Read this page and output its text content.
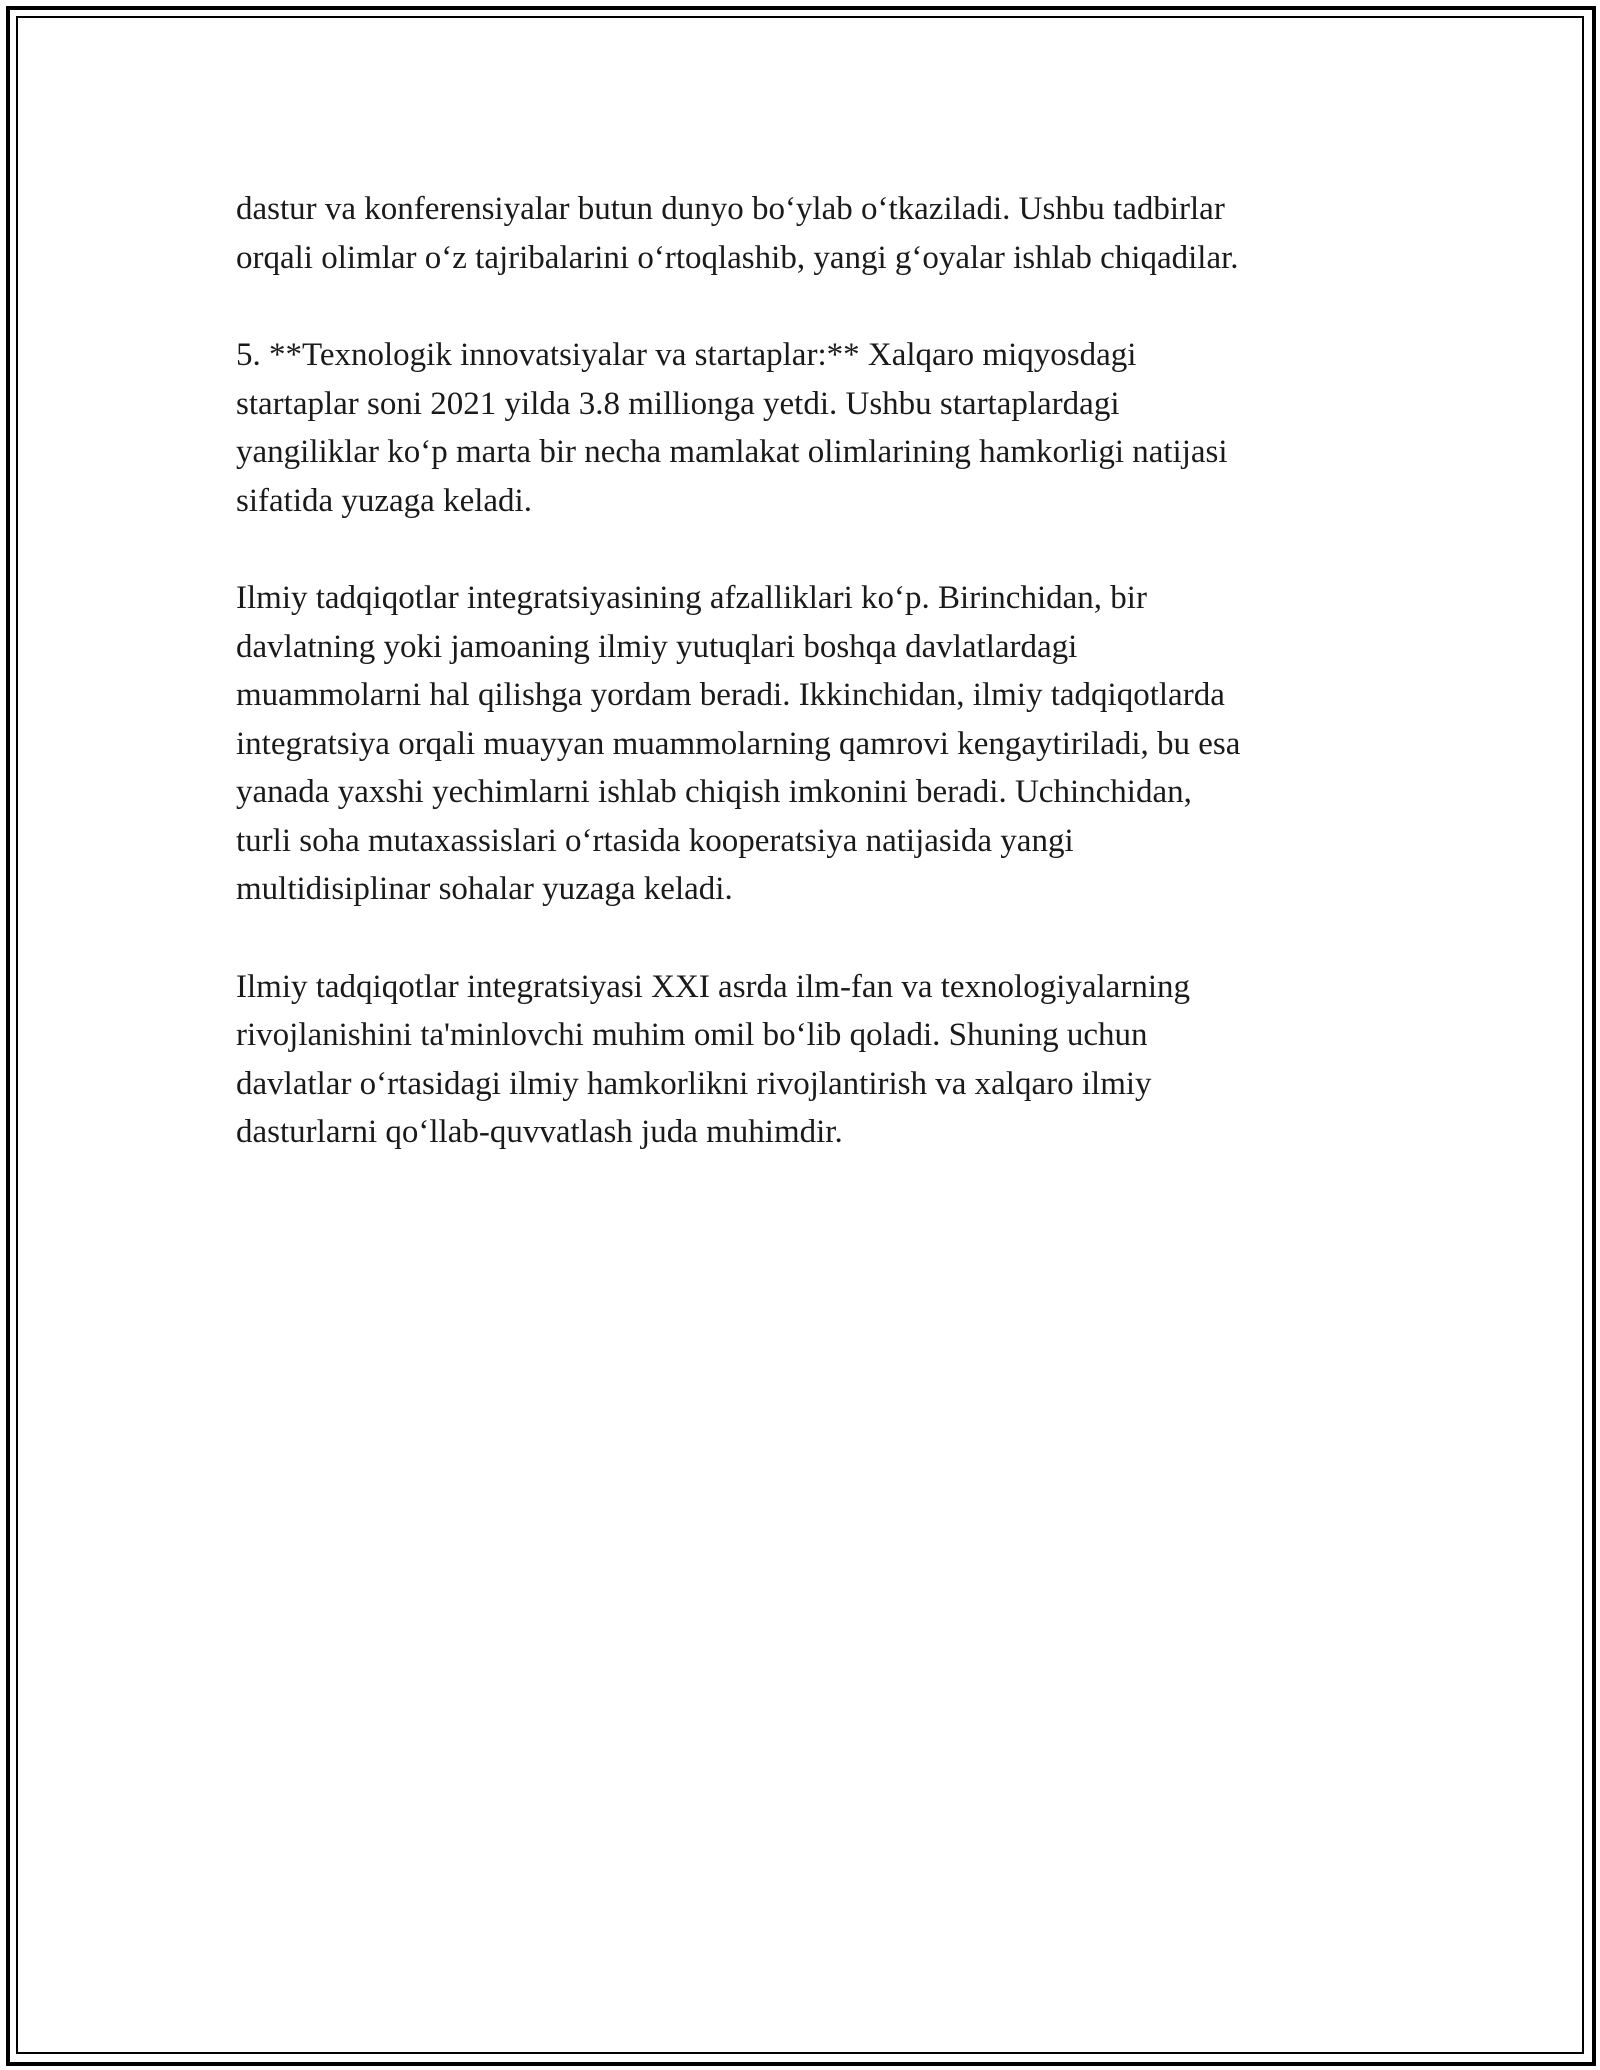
dastur va konferensiyalar butun dunyo bo‘ylab o‘tkaziladi. Ushbu tadbirlar
orqali olimlar o‘z tajribalarini o‘rtoqlashib, yangi g‘oyalar ishlab chiqadilar.

5. **Texnologik innovatsiyalar va startaplar:** Xalqaro miqyosdagi
startaplar soni 2021 yilda 3.8 millionga yetdi. Ushbu startaplardagi
yangiliklar ko‘p marta bir necha mamlakat olimlarining hamkorligi natijasi
sifatida yuzaga keladi.

Ilmiy tadqiqotlar integratsiyasining afzalliklari ko‘p. Birinchidan, bir
davlatning yoki jamoaning ilmiy yutuqlari boshqa davlatlardagi
muammolarni hal qilishga yordam beradi. Ikkinchidan, ilmiy tadqiqotlarda
integratsiya orqali muayyan muammolarning qamrovi kengaytiriladi, bu esa
yanada yaxshi yechimlarni ishlab chiqish imkonini beradi. Uchinchidan,
turli soha mutaxassislari o‘rtasida kooperatsiya natijasida yangi
multidisiplinar sohalar yuzaga keladi.

Ilmiy tadqiqotlar integratsiyasi XXI asrda ilm-fan va texnologiyalarning
rivojlanishini ta'minlovchi muhim omil bo‘lib qoladi. Shuning uchun
davlatlar o‘rtasidagi ilmiy hamkorlikni rivojlantirish va xalqaro ilmiy
dasturlarni qo‘llab-quvvatlash juda muhimdir.
